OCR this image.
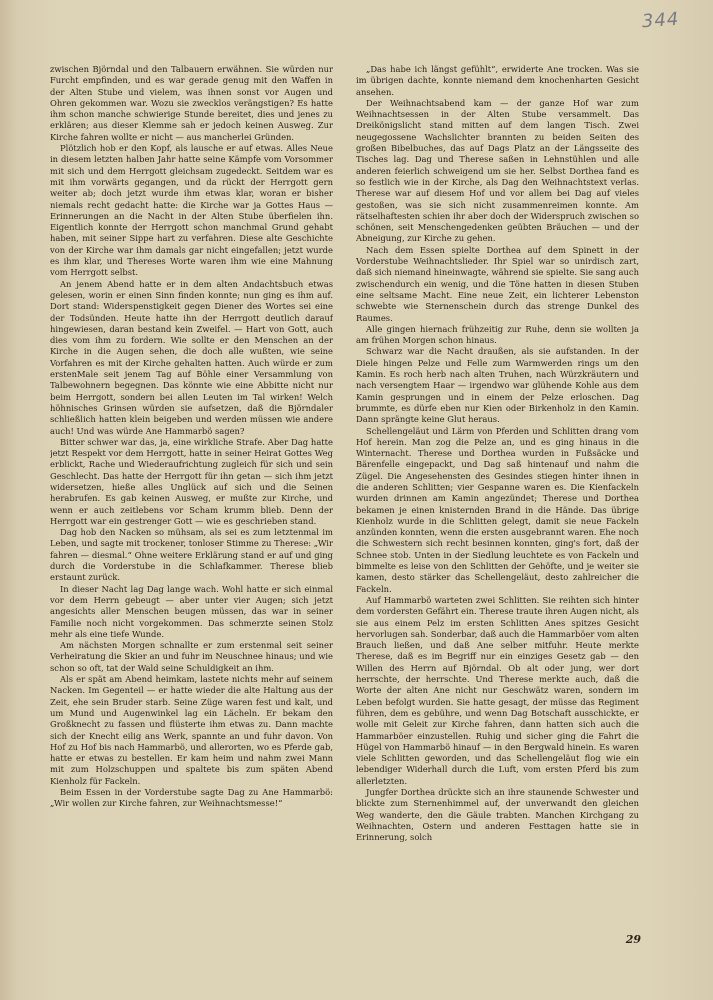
344

zwischen Björndal und den Talbauern erwähnen. Sie würden nur Furcht empfinden, und es war gerade genug mit den Waffen in der Alten Stube und vielem, was ihnen sonst vor Augen und Ohren gekommen war. Wozu sie zwecklos verängstigen? Es hatte ihm schon manche schwierige Stunde bereitet, dies und jenes zu erklären; aus dieser Klemme sah er jedoch keinen Ausweg. Zur Kirche fahren wollte er nicht — aus mancherlei Gründen.

Plötzlich hob er den Kopf, als lausche er auf etwas. Alles Neue in diesem letzten halben Jahr hatte seine Kämpfe vom Vorsommer mit sich und dem Herrgott gleichsam zugedeckt. Seitdem war es mit ihm vorwärts gegangen, und da rückt der Herrgott gern weiter ab; doch jetzt wurde ihm etwas klar, woran er bisher niemals recht gedacht hatte: die Kirche war ja Gottes Haus — Erinnerungen an die Nacht in der Alten Stube überfielen ihn. Eigentlich konnte der Herrgott schon manchmal Grund gehabt haben, mit seiner Sippe hart zu verfahren. Diese alte Geschichte von der Kirche war ihm damals gar nicht eingefallen; jetzt wurde es ihm klar, und Thereses Worte waren ihm wie eine Mahnung vom Herrgott selbst.

An jenem Abend hatte er in dem alten Andachtsbuch etwas gelesen, worin er einen Sinn finden konnte; nun ging es ihm auf. Dort stand: Widerspenstigkeit gegen Diener des Wortes sei eine der Todsünden. Heute hatte ihn der Herrgott deutlich darauf hingewiesen, daran bestand kein Zweifel. — Hart von Gott, auch dies vom ihm zu fordern. Wie sollte er den Menschen an der Kirche in die Augen sehen, die doch alle wußten, wie seine Vorfahren es mit der Kirche gehalten hatten. Auch würde er zum erstenMale seit jenem Tag auf Böhle einer Versammlung von Talbewohnern begegnen. Das könnte wie eine Abbitte nicht nur beim Herrgott, sondern bei allen Leuten im Tal wirken! Welch höhnisches Grinsen würden sie aufsetzen, daß die Björndaler schließlich hatten klein beigeben und werden müssen wie andere auch! Und was würde Ane Hammarbö sagen?

Bitter schwer war das, ja, eine wirkliche Strafe. Aber Dag hatte jetzt Respekt vor dem Herrgott, hatte in seiner Heirat Gottes Weg erblickt, Rache und Wiederaufrichtung zugleich für sich und sein Geschlecht. Das hatte der Herrgott für ihn getan — sich ihm jetzt widersetzen, hieße alles Unglück auf sich und die Seinen herabrufen. Es gab keinen Ausweg, er mußte zur Kirche, und wenn er auch zeitlebens vor Scham krumm blieb. Denn der Herrgott war ein gestrenger Gott — wie es geschrieben stand.

Dag hob den Nacken so mühsam, als sei es zum letztenmal im Leben, und sagte mit trockener, tonloser Stimme zu Therese: „Wir fahren — diesmal.“ Ohne weitere Erklärung stand er auf und ging durch die Vorderstube in die Schlafkammer. Therese blieb erstaunt zurück.

In dieser Nacht lag Dag lange wach. Wohl hatte er sich einmal vor dem Herrn gebeugt — aber unter vier Augen; sich jetzt angesichts aller Menschen beugen müssen, das war in seiner Familie noch nicht vorgekommen. Das schmerzte seinen Stolz mehr als eine tiefe Wunde.

Am nächsten Morgen schnallte er zum erstenmal seit seiner Verheiratung die Skier an und fuhr im Neuschnee hinaus; und wie schon so oft, tat der Wald seine Schuldigkeit an ihm.

Als er spät am Abend heimkam, lastete nichts mehr auf seinem Nacken. Im Gegenteil — er hatte wieder die alte Haltung aus der Zeit, ehe sein Bruder starb. Seine Züge waren fest und kalt, und um Mund und Augenwinkel lag ein Lächeln. Er bekam den Großknecht zu fassen und flüsterte ihm etwas zu. Dann machte sich der Knecht eilig ans Werk, spannte an und fuhr davon. Von Hof zu Hof bis nach Hammarbö, und allerorten, wo es Pferde gab, hatte er etwas zu bestellen. Er kam heim und nahm zwei Mann mit zum Holzschuppen und spaltete bis zum späten Abend Kienholz für Fackeln.

Beim Essen in der Vorderstube sagte Dag zu Ane Hammarbö: „Wir wollen zur Kirche fahren, zur Weihnachtsmesse!“

„Das habe ich längst gefühlt“, erwiderte Ane trocken. Was sie im übrigen dachte, konnte niemand dem knochenharten Gesicht ansehen.

Der Weihnachtsabend kam — der ganze Hof war zum Weihnachtsessen in der Alten Stube versammelt. Das Dreikönigslicht stand mitten auf dem langen Tisch. Zwei neugegossene Wachslichter brannten zu beiden Seiten des großen Bibelbuches, das auf Dags Platz an der Längsseite des Tisches lag. Dag und Therese saßen in Lehnstühlen und alle anderen feierlich schweigend um sie her. Selbst Dorthea fand es so festlich wie in der Kirche, als Dag den Weihnachtstext verlas. Therese war auf diesem Hof und vor allem bei Dag auf vieles gestoßen, was sie sich nicht zusammenreimen konnte. Am rätselhaftesten schien ihr aber doch der Widerspruch zwischen so schönen, seit Menschengedenken geübten Bräuchen — und der Abneigung, zur Kirche zu gehen.

Nach dem Essen spielte Dorthea auf dem Spinett in der Vorderstube Weihnachtslieder. Ihr Spiel war so unirdisch zart, daß sich niemand hineinwagte, während sie spielte. Sie sang auch zwischendurch ein wenig, und die Töne hatten in diesen Stuben eine seltsame Macht. Eine neue Zeit, ein lichterer Lebenston schwebte wie Sternenschein durch das strenge Dunkel des Raumes.

Alle gingen hiernach frühzeitig zur Ruhe, denn sie wollten ja am frühen Morgen schon hinaus.

Schwarz war die Nacht draußen, als sie aufstanden. In der Diele hingen Pelze und Felle zum Warmwerden rings um den Kamin. Es roch herb nach alten Truhen, nach Würzkräutern und nach versengtem Haar — irgendwo war glühende Kohle aus dem Kamin gesprungen und in einem der Pelze erloschen. Dag brummte, es dürfe eben nur Kien oder Birkenholz in den Kamin. Dann sprängte keine Glut heraus.

Schellengeläut und Lärm von Pferden und Schlitten drang vom Hof herein. Man zog die Pelze an, und es ging hinaus in die Winternacht. Therese und Dorthea wurden in Fußsäcke und Bärenfelle eingepackt, und Dag saß hintenauf und nahm die Zügel. Die Angesehensten des Gesindes stiegen hinter ihnen in die anderen Schlitten; vier Gespanne waren es. Die Kienfackeln wurden drinnen am Kamin angezündet; Therese und Dorthea bekamen je einen knisternden Brand in die Hände. Das übrige Kienholz wurde in die Schlitten gelegt, damit sie neue Fackeln anzünden konnten, wenn die ersten ausgebrannt waren. Ehe noch die Schwestern sich recht besinnen konnten, ging's fort, daß der Schnee stob. Unten in der Siedlung leuchtete es von Fackeln und bimmelte es leise von den Schlitten der Gehöfte, und je weiter sie kamen, desto stärker das Schellengeläut, desto zahlreicher die Fackeln.

Auf Hammarbö warteten zwei Schlitten. Sie reihten sich hinter dem vordersten Gefährt ein. Therese traute ihren Augen nicht, als sie aus einem Pelz im ersten Schlitten Anes spitzes Gesicht hervorlugen sah. Sonderbar, daß auch die Hammarböer vom alten Brauch ließen, und daß Ane selber mitfuhr. Heute merkte Therese, daß es im Begriff nur ein einziges Gesetz gab — den Willen des Herrn auf Björndal. Ob alt oder jung, wer dort herrschte, der herrschte. Und Therese merkte auch, daß die Worte der alten Ane nicht nur Geschwätz waren, sondern im Leben befolgt wurden. Sie hatte gesagt, der müsse das Regiment führen, dem es gebühre, und wenn Dag Botschaft ausschickte, er wolle mit Geleit zur Kirche fahren, dann hatten sich auch die Hammarböer einzustellen. Ruhig und sicher ging die Fahrt die Hügel von Hammarbö hinauf — in den Bergwald hinein. Es waren viele Schlitten geworden, und das Schellengeläut flog wie ein lebendiger Widerhall durch die Luft, vom ersten Pferd bis zum allerletzten.

Jungfer Dorthea drückte sich an ihre staunende Schwester und blickte zum Sternenhimmel auf, der unverwandt den gleichen Weg wanderte, den die Gäule trabten. Manchen Kirchgang zu Weihnachten, Ostern und anderen Festtagen hatte sie in Erinnerung, solch

29
